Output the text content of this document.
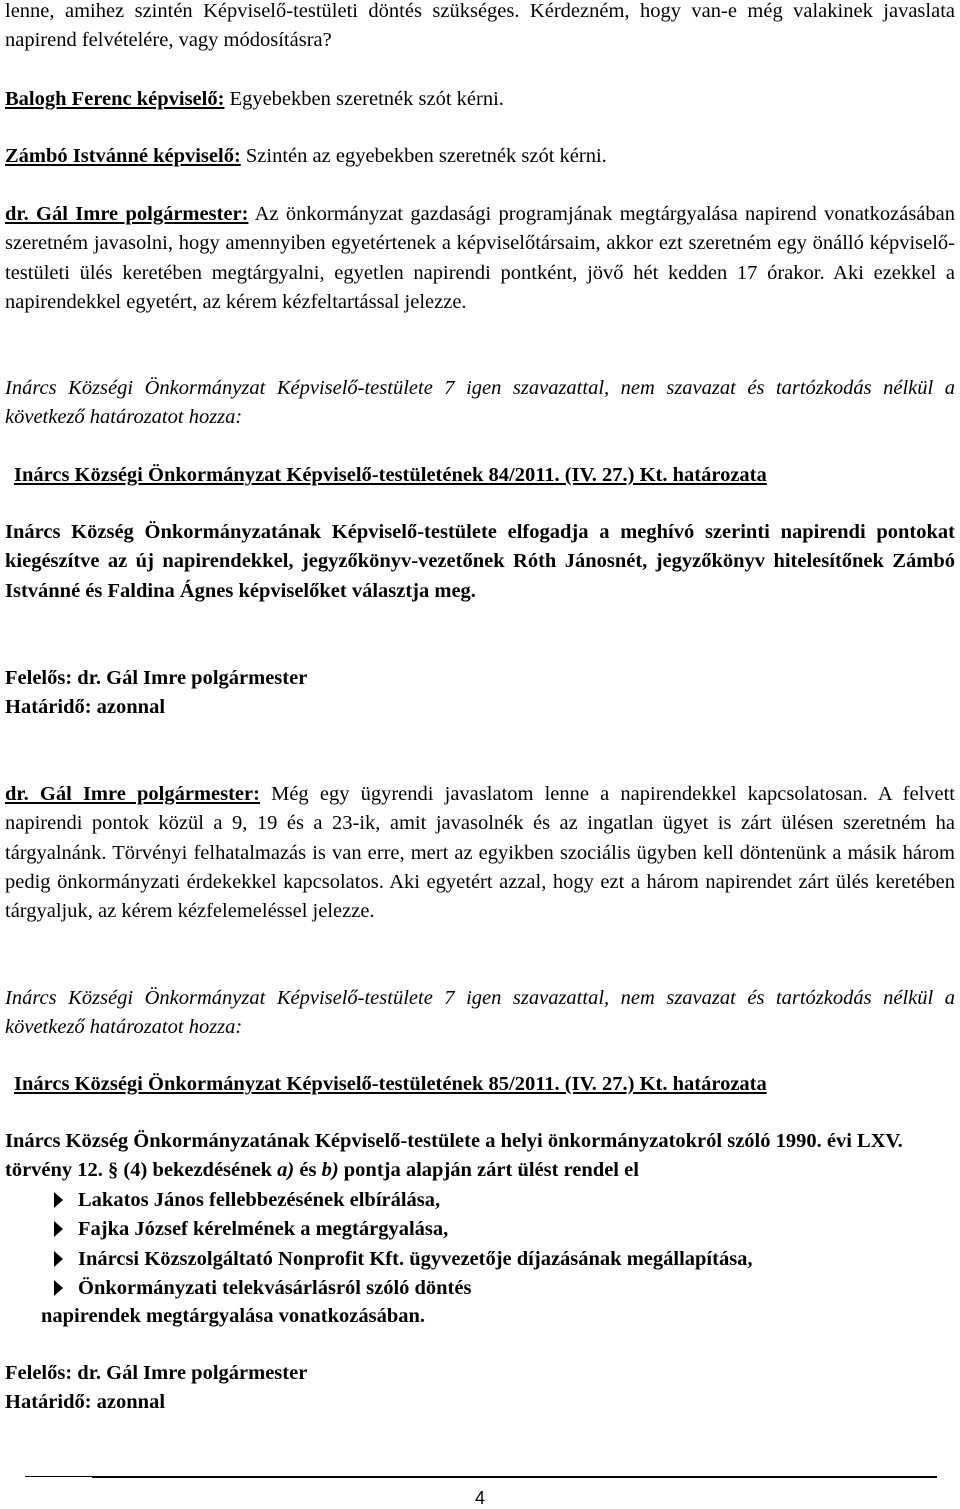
lenne, amihez szintén Képviselő-testületi döntés szükséges. Kérdezném, hogy van-e még valakinek javaslata napirend felvételére, vagy módosításra?

Balogh Ferenc képviselő: Egyebekben szeretnék szót kérni.

Zámbó Istvánné képviselő: Szintén az egyebekben szeretnék szót kérni.

dr. Gál Imre polgármester: Az önkormányzat gazdasági programjának megtárgyalása napirend vonatkozásában szeretném javasolni, hogy amennyiben egyetértenek a képviselőtársaim, akkor ezt szeretném egy önálló képviselő-testületi ülés keretében megtárgyalni, egyetlen napirendi pontként, jövő hét kedden 17 órakor. Aki ezekkel a napirendekkel egyetért, az kérem kézfeltartással jelezze.

Inárcs Községi Önkormányzat Képviselő-testülete 7 igen szavazattal, nem szavazat és tartózkodás nélkül a következő határozatot hozza:

Inárcs Községi Önkormányzat Képviselő-testületének 84/2011. (IV. 27.) Kt. határozata

Inárcs Község Önkormányzatának Képviselő-testülete elfogadja a meghívó szerinti napirendi pontokat kiegészítve az új napirendekkel, jegyzőkönyv-vezetőnek Róth Jánosnét, jegyzőkönyv hitelesítőnek Zámbó Istvánné és Faldina Ágnes képviselőket választja meg.

Felelős: dr. Gál Imre polgármester

Határidő: azonnal

dr. Gál Imre polgármester: Még egy ügyrendi javaslatom lenne a napirendekkel kapcsolatosan. A felvett napirendi pontok közül a 9, 19 és a 23-ik, amit javasolnék és az ingatlan ügyet is zárt ülésen szeretném ha tárgyalnánk. Törvényi felhatalmazás is van erre, mert az egyikben szociális ügyben kell döntenünk a másik három pedig önkormányzati érdekekkel kapcsolatos. Aki egyetért azzal, hogy ezt a három napirendet zárt ülés keretében tárgyaljuk, az kérem kézfelemeléssel jelezze.

Inárcs Községi Önkormányzat Képviselő-testülete 7 igen szavazattal, nem szavazat és tartózkodás nélkül a következő határozatot hozza:

Inárcs Községi Önkormányzat Képviselő-testületének 85/2011. (IV. 27.) Kt. határozata

Inárcs Község Önkormányzatának Képviselő-testülete a helyi önkormányzatokról szóló 1990. évi LXV. törvény 12. § (4) bekezdésének a) és b) pontja alapján zárt ülést rendel el

Lakatos János fellebbezésének elbírálása,
Fajka József kérelmének a megtárgyalása,
Inárcsi Közszolgáltató Nonprofit Kft. ügyvezetője díjazásának megállapítása,
Önkormányzati telekvásárlásról szóló döntés

napirendek megtárgyalása vonatkozásában.

Felelős: dr. Gál Imre polgármester

Határidő: azonnal

4
